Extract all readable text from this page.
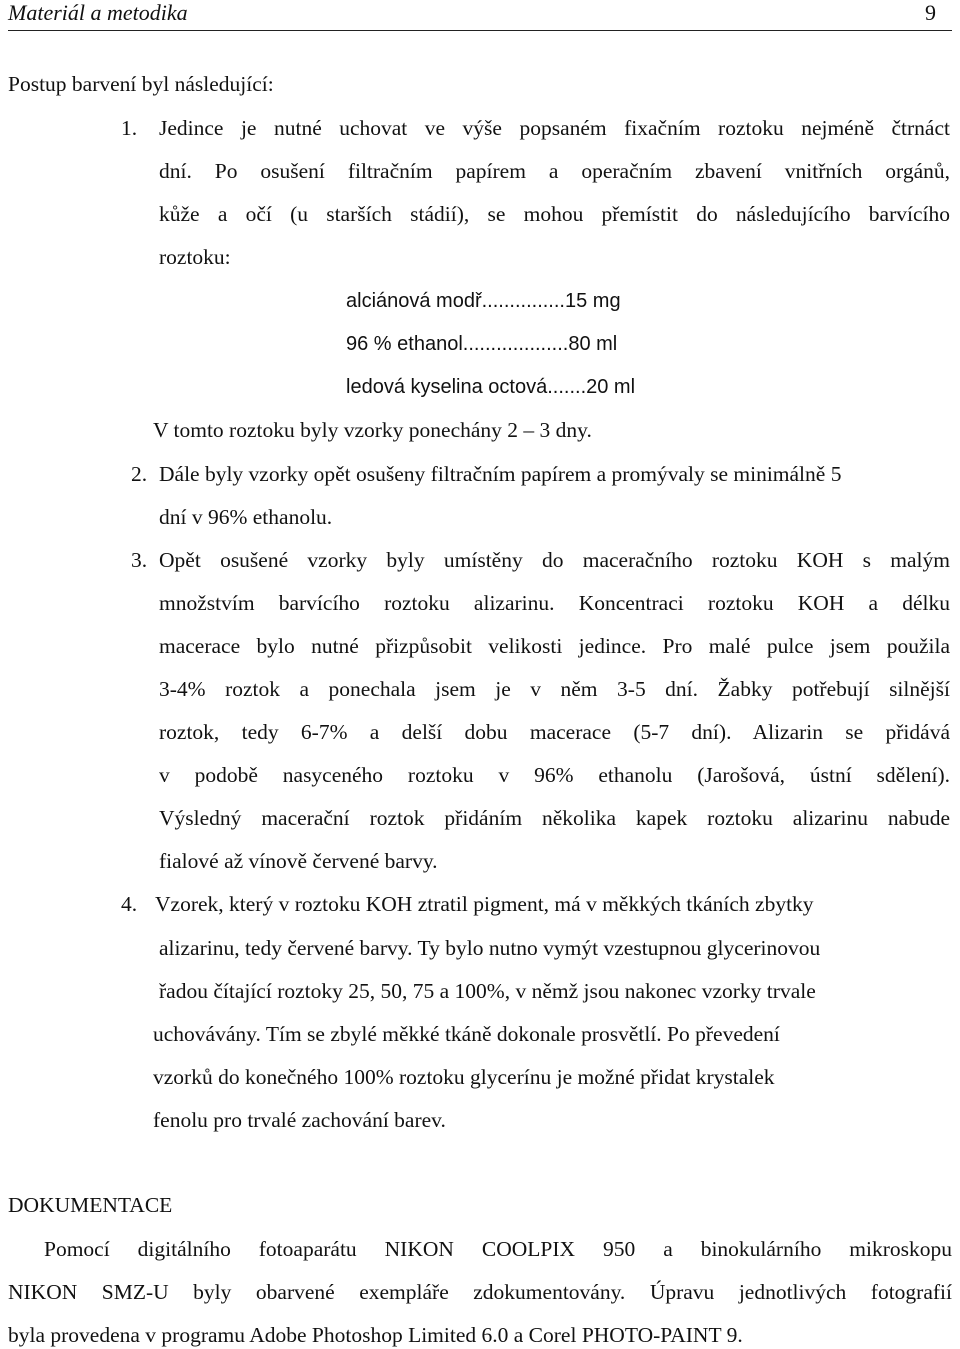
Materiál a metodika	9
Postup barvení byl následující:
1. Jedince je nutné uchovat ve výše popsaném fixačním roztoku nejméně čtrnáct
dní. Po osušení filtračním papírem a operačním zbavení vnitřních orgánů,
kůže a očí (u starších stádií), se mohou přemístit do následujícího barvícího
roztoku:
alciánová modř...............15 mg
96 % ethanol...................80 ml
ledová kyselina octová.......20 ml
V tomto roztoku byly vzorky ponechány 2 – 3 dny.
2. Dále byly vzorky opět osušeny filtračním papírem a promývaly se minimálně 5
dní v 96% ethanolu.
3. Opět osušené vzorky byly umístěny do maceračního roztoku KOH s malým
množstvím barvícího roztoku alizarinu. Koncentraci roztoku KOH a délku
macerace bylo nutné přizpůsobit velikosti jedince. Pro malé pulce jsem použila
3-4% roztok a ponechala jsem je v něm 3-5 dní. Žabky potřebují silnější
roztok, tedy 6-7% a delší dobu macerace (5-7 dní). Alizarin se přidává
v podobě nasyceného roztoku v 96% ethanolu (Jarošová, ústní sdělení).
Výsledný macerační roztok přidáním několika kapek roztoku alizarinu nabude
fialové až vínově červené barvy.
4. Vzorek, který v roztoku KOH ztratil pigment, má v měkkých tkáních zbytky
alizarinu, tedy červené barvy. Ty bylo nutno vymýt vzestupnou glycerinovou
řadou čítající roztoky 25, 50, 75 a 100%, v němž jsou nakonec vzorky trvale
uchovávány. Tím se zbylé měkké tkáně dokonale prosvětlí. Po převedení
vzorků do konečného 100% roztoku glycerínu je možné přidat krystalek
fenolu pro trvalé zachování barev.
DOKUMENTACE
Pomocí digitálního fotoaparátu NIKON COOLPIX 950 a binokulárního mikroskopu
NIKON SMZ-U byly obarvené exempláře zdokumentovány. Úpravu jednotlivých fotografií
byla provedena v programu Adobe Photoshop Limited 6.0 a Corel PHOTO-PAINT 9.
